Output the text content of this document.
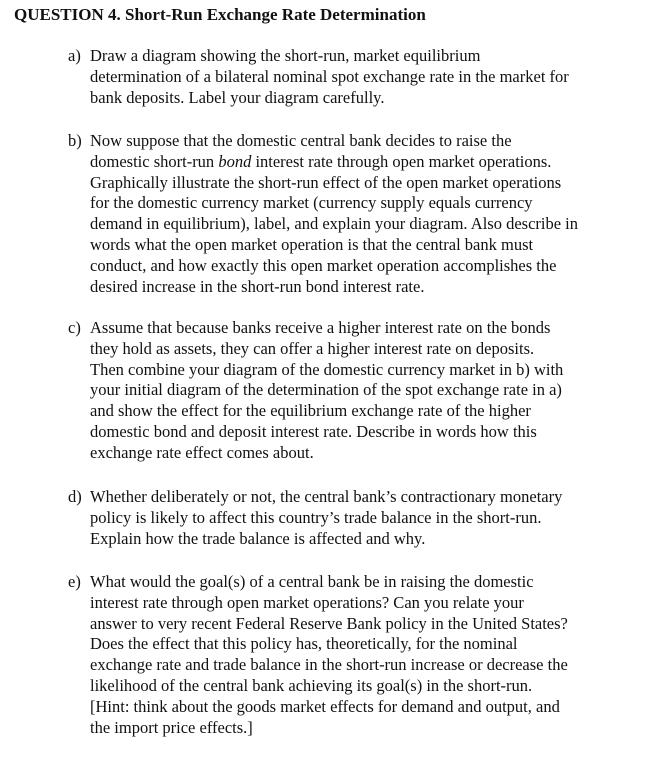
QUESTION 4. Short-Run Exchange Rate Determination
a) Draw a diagram showing the short-run, market equilibrium
determination of a bilateral nominal spot exchange rate in the market for
bank deposits. Label your diagram carefully.
b) Now suppose that the domestic central bank decides to raise the
domestic short-run bond interest rate through open market operations.
Graphically illustrate the short-run effect of the open market operations
for the domestic currency market (currency supply equals currency
demand in equilibrium), label, and explain your diagram. Also describe in
words what the open market operation is that the central bank must
conduct, and how exactly this open market operation accomplishes the
desired increase in the short-run bond interest rate.
c) Assume that because banks receive a higher interest rate on the bonds
they hold as assets, they can offer a higher interest rate on deposits.
Then combine your diagram of the domestic currency market in b) with
your initial diagram of the determination of the spot exchange rate in a)
and show the effect for the equilibrium exchange rate of the higher
domestic bond and deposit interest rate. Describe in words how this
exchange rate effect comes about.
d) Whether deliberately or not, the central bank’s contractionary monetary
policy is likely to affect this country’s trade balance in the short-run.
Explain how the trade balance is affected and why.
e) What would the goal(s) of a central bank be in raising the domestic
interest rate through open market operations? Can you relate your
answer to very recent Federal Reserve Bank policy in the United States?
Does the effect that this policy has, theoretically, for the nominal
exchange rate and trade balance in the short-run increase or decrease the
likelihood of the central bank achieving its goal(s) in the short-run.
[Hint: think about the goods market effects for demand and output, and
the import price effects.]
